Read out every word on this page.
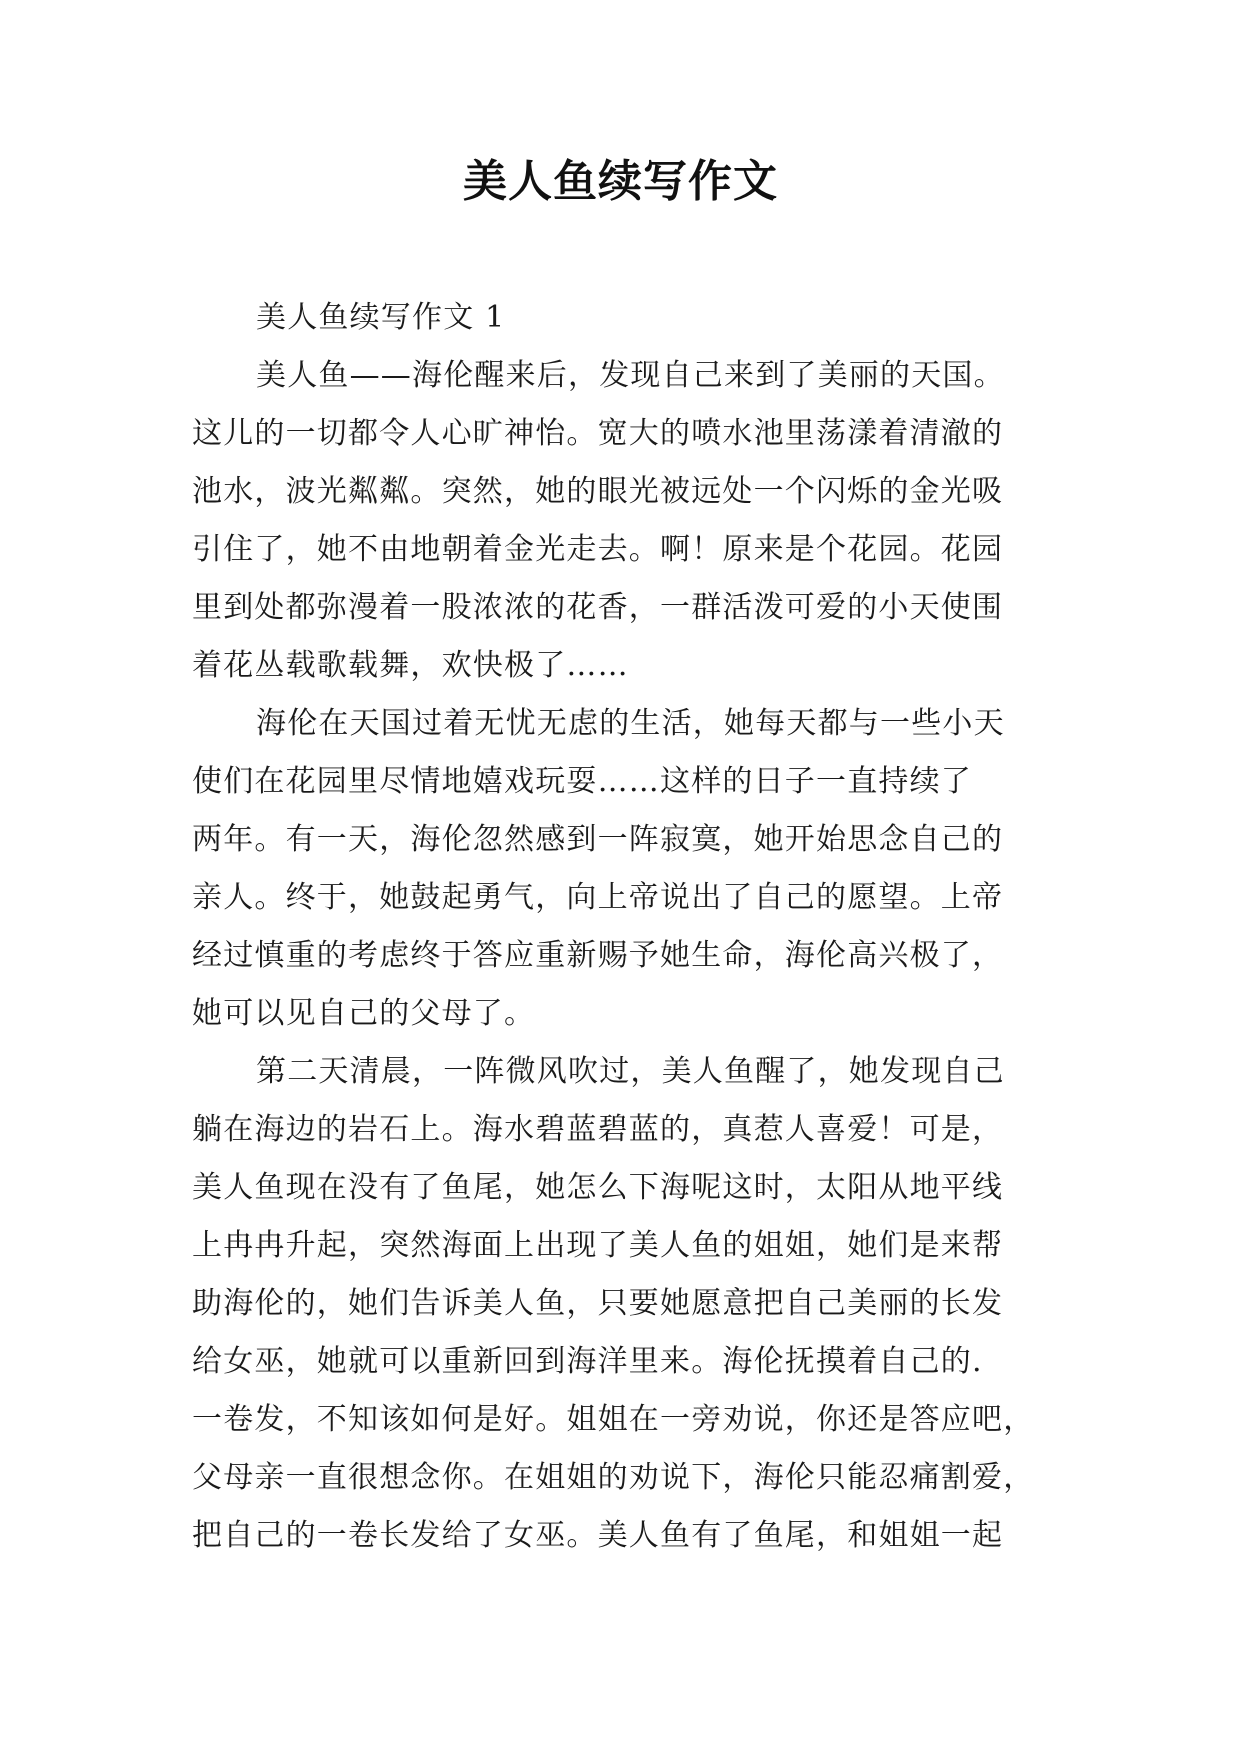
美人鱼续写作文
美人鱼续写作文 1
美人鱼——海伦醒来后，发现自己来到了美丽的天国。
这儿的一切都令人心旷神怡。宽大的喷水池里荡漾着清澈的
池水，波光粼粼。突然，她的眼光被远处一个闪烁的金光吸
引住了，她不由地朝着金光走去。啊！原来是个花园。花园
里到处都弥漫着一股浓浓的花香，一群活泼可爱的小天使围
着花丛载歌载舞，欢快极了……
海伦在天国过着无忧无虑的生活，她每天都与一些小天
使们在花园里尽情地嬉戏玩耍……这样的日子一直持续了
两年。有一天，海伦忽然感到一阵寂寞，她开始思念自己的
亲人。终于，她鼓起勇气，向上帝说出了自己的愿望。上帝
经过慎重的考虑终于答应重新赐予她生命，海伦高兴极了，
她可以见自己的父母了。
第二天清晨，一阵微风吹过，美人鱼醒了，她发现自己
躺在海边的岩石上。海水碧蓝碧蓝的，真惹人喜爱！可是，
美人鱼现在没有了鱼尾，她怎么下海呢这时，太阳从地平线
上冉冉升起，突然海面上出现了美人鱼的姐姐，她们是来帮
助海伦的，她们告诉美人鱼，只要她愿意把自己美丽的长发
给女巫，她就可以重新回到海洋里来。海伦抚摸着自己的.
一卷发，不知该如何是好。姐姐在一旁劝说，你还是答应吧，
父母亲一直很想念你。在姐姐的劝说下，海伦只能忍痛割爱，
把自己的一卷长发给了女巫。美人鱼有了鱼尾，和姐姐一起
